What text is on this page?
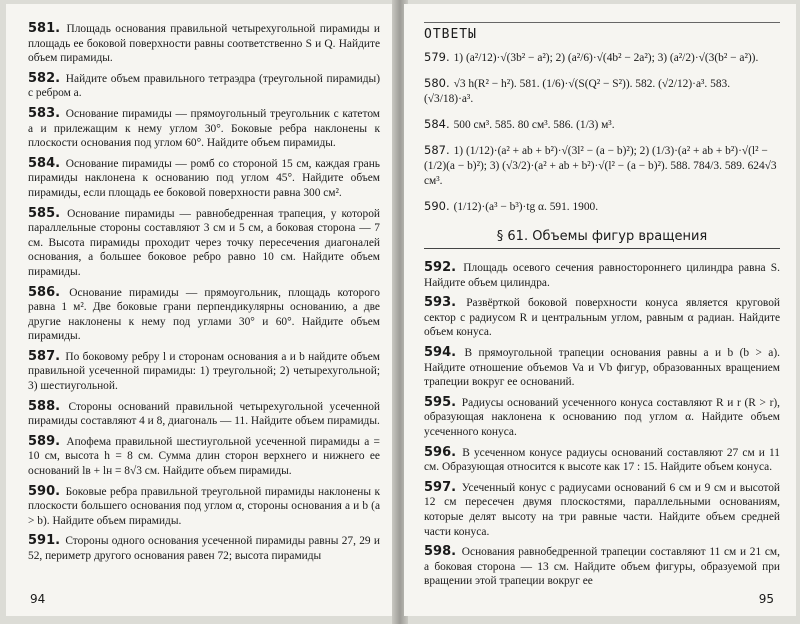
581. Площадь основания правильной четырехугольной пирамиды и площадь ее боковой поверхности равны соответственно S и Q. Найдите объем пирамиды.
582. Найдите объем правильного тетраэдра (треугольной пирамиды) с ребром a.
583. Основание пирамиды — прямоугольный треугольник с катетом a и прилежащим к нему углом 30°. Боковые ребра наклонены к плоскости основания под углом 60°. Найдите объем пирамиды.
584. Основание пирамиды — ромб со стороной 15 см, каждая грань пирамиды наклонена к основанию под углом 45°. Найдите объем пирамиды, если площадь ее боковой поверхности равна 300 см².
585. Основание пирамиды — равнобедренная трапеция, у которой параллельные стороны составляют 3 см и 5 см, а боковая сторона — 7 см. Высота пирамиды проходит через точку пересечения диагоналей основания, а большее боковое ребро равно 10 см. Найдите объем пирамиды.
586. Основание пирамиды — прямоугольник, площадь которого равна 1 м². Две боковые грани перпендикулярны основанию, а две другие наклонены к нему под углами 30° и 60°. Найдите объем пирамиды.
587. По боковому ребру l и сторонам основания a и b найдите объем правильной усеченной пирамиды: 1) треугольной; 2) четырехугольной; 3) шестиугольной.
588. Стороны оснований правильной четырехугольной усеченной пирамиды составляют 4 и 8, диагональ — 11. Найдите объем пирамиды.
589. Апофема правильной шестиугольной усеченной пирамиды a = 10 см, высота h = 8 см. Сумма длин сторон верхнего и нижнего ее оснований lв + lн = 8√3 см. Найдите объем пирамиды.
590. Боковые ребра правильной треугольной пирамиды наклонены к плоскости большего основания под углом α, стороны основания a и b (a > b). Найдите объем пирамиды.
591. Стороны одного основания усеченной пирамиды равны 27, 29 и 52, периметр другого основания равен 72; высота пирамиды
94
ОТВЕТЫ
579. 1) (a²/12)·√(3b² − a²); 2) (a²/6)·√(4b² − 2a²); 3) (a²/2)·√(3(b² − a²)).
580. √3 h(R² − h²). 581. (1/6)·√(S(Q² − S²)). 582. (√2/12)·a³. 583. (√3/18)·a³.
584. 500 см³. 585. 80 см³. 586. (1/3) м³.
587. 1) (1/12)·(a² + ab + b²)·√(3l² − (a − b)²); 2) (1/3)·(a² + ab + b²)·√(l² − (1/2)(a − b)²); 3) (√3/2)·(a² + ab + b²)·√(l² − (a − b)²). 588. 784/3. 589. 624√3 см³.
590. (1/12)·(a³ − b³)·tg α. 591. 1900.
§ 61. Объемы фигур вращения
592. Площадь осевого сечения равностороннего цилиндра равна S. Найдите объем цилиндра.
593. Развёрткой боковой поверхности конуса является круговой сектор с радиусом R и центральным углом, равным α радиан. Найдите объем конуса.
594. В прямоугольной трапеции основания равны a и b (b > a). Найдите отношение объемов Va и Vb фигур, образованных вращением трапеции вокруг ее оснований.
595. Радиусы оснований усеченного конуса составляют R и r (R > r), образующая наклонена к основанию под углом α. Найдите объем усеченного конуса.
596. В усеченном конусе радиусы оснований составляют 27 см и 11 см. Образующая относится к высоте как 17 : 15. Найдите объем конуса.
597. Усеченный конус с радиусами оснований 6 см и 9 см и высотой 12 см пересечен двумя плоскостями, параллельными основаниям, которые делят высоту на три равные части. Найдите объем средней части конуса.
598. Основания равнобедренной трапеции составляют 11 см и 21 см, а боковая сторона — 13 см. Найдите объем фигуры, образуемой при вращении этой трапеции вокруг ее
95
